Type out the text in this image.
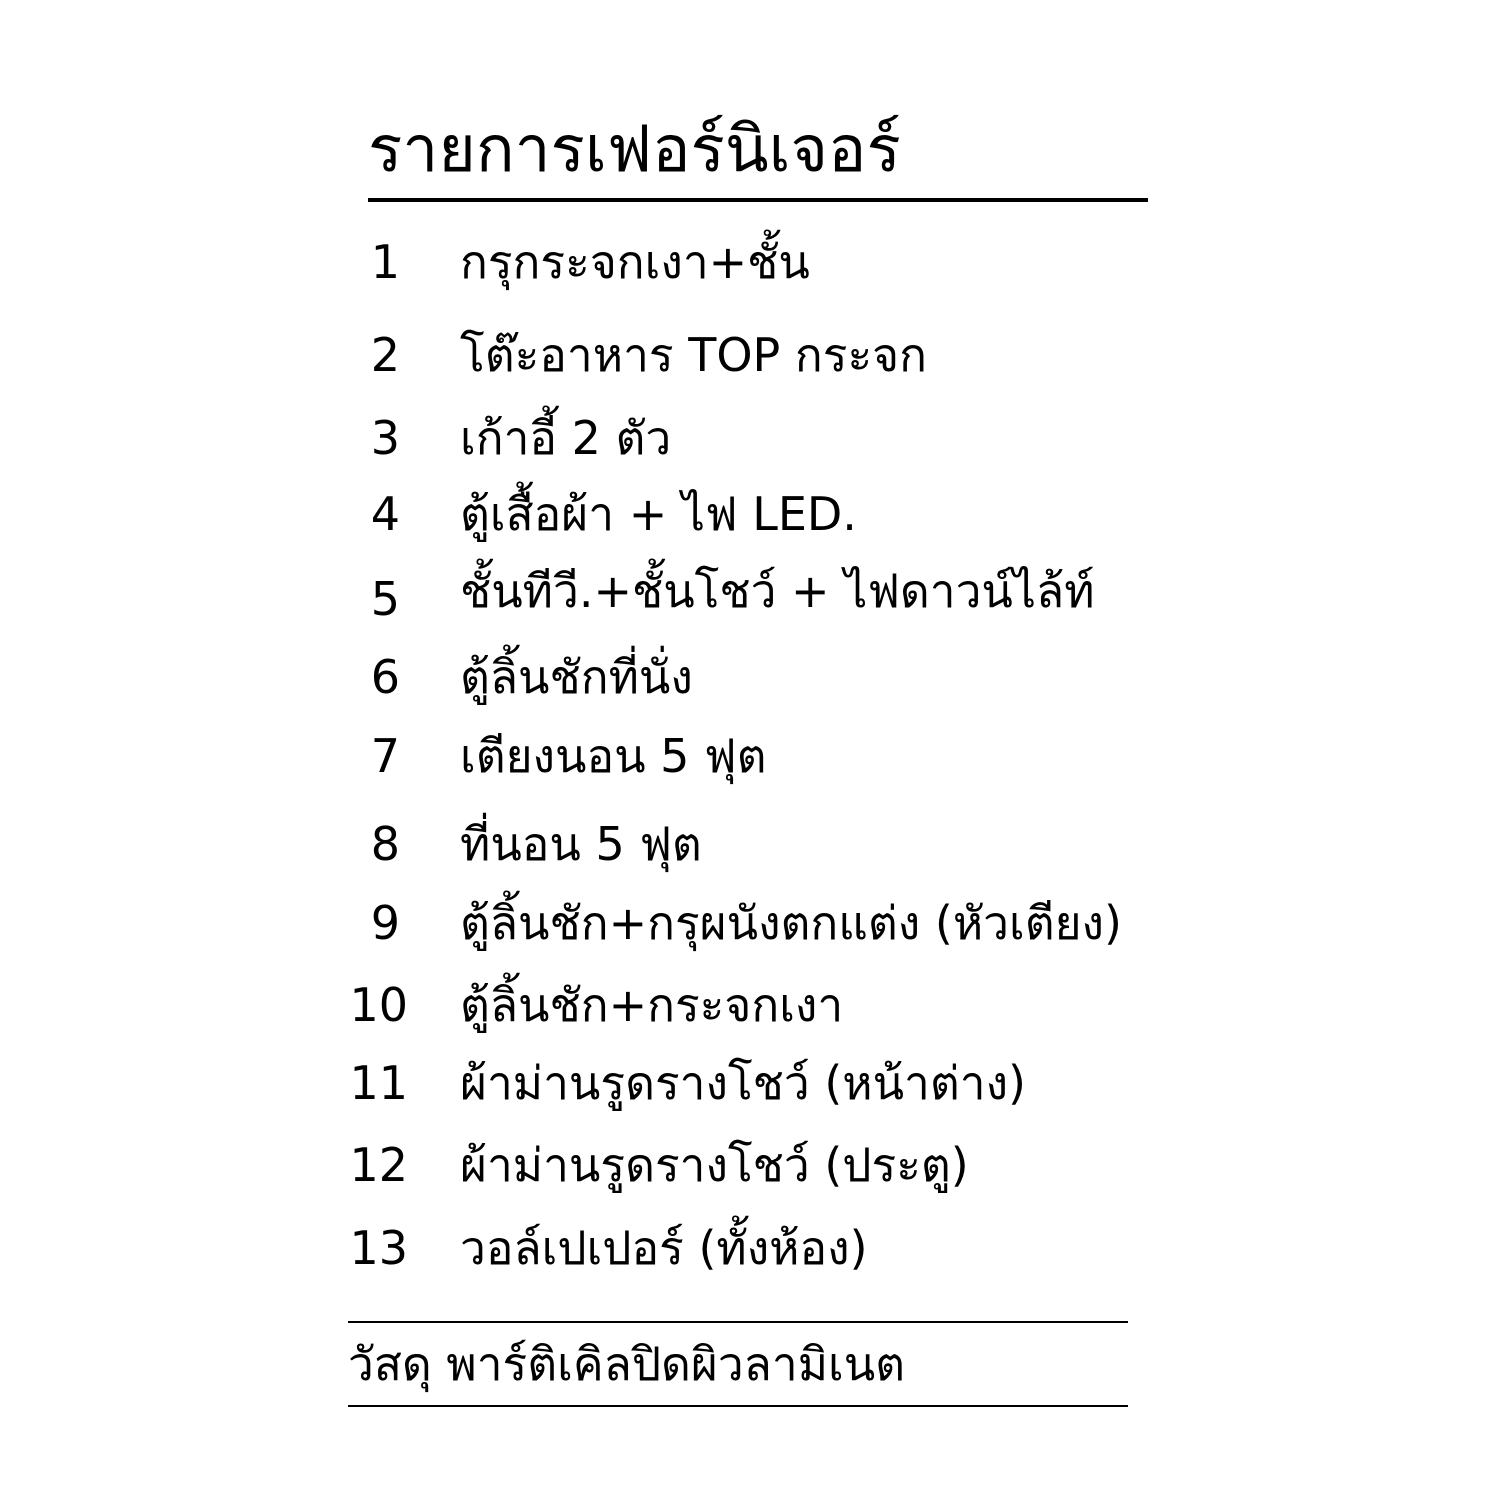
รายการเฟอร์นิเจอร์
1 กรุกระจกเงา+ชั้น
2 โต๊ะอาหาร TOP กระจก
3 เก้าอี้ 2 ตัว
4 ตู้เสื้อผ้า + ไฟ LED.
5 ชั้นทีวี.+ชั้นโชว์ + ไฟดาวน์ไล้ท์
6 ตู้ลิ้นชักที่นั่ง
7 เตียงนอน 5 ฟุต
8 ที่นอน 5 ฟุต
9 ตู้ลิ้นชัก+กรุผนังตกแต่ง (หัวเตียง)
10 ตู้ลิ้นชัก+กระจกเงา
11 ผ้าม่านรูดรางโชว์ (หน้าต่าง)
12 ผ้าม่านรูดรางโชว์ (ประตู)
13 วอล์เปเปอร์ (ทั้งห้อง)
วัสดุ พาร์ติเคิลปิดผิวลามิเนต
